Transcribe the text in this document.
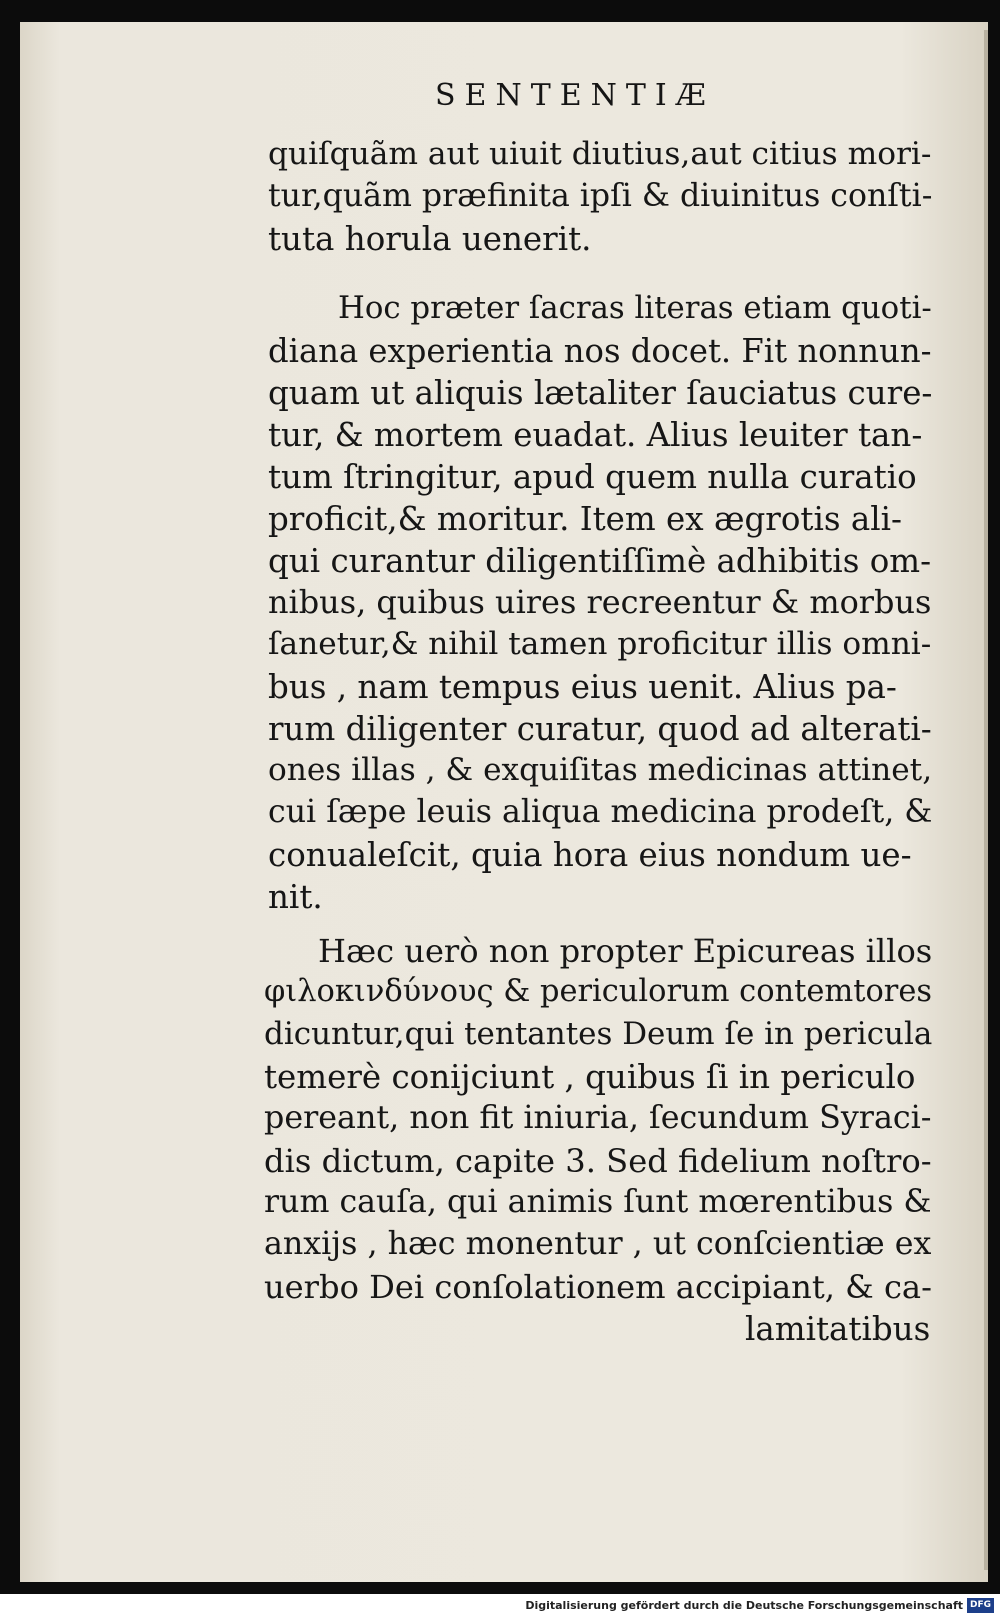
SENTENTIÆ
quiſquãm aut uiuit diutius,aut citius mori-
tur,quãm præfinita ipſi & diuinitus conſti-
tuta horula uenerit.
Hoc præter ſacras literas etiam quoti-
diana experientia nos docet. Fit nonnun-
quam ut aliquis lætaliter ſauciatus cure-
tur, & mortem euadat. Alius leuiter tan-
tum ſtringitur, apud quem nulla curatio
proficit,& moritur. Item ex ægrotis ali-
qui curantur diligentiſſimè adhibitis om-
nibus, quibus uires recreentur & morbus
ſanetur,& nihil tamen proficitur illis omni-
bus , nam tempus eius uenit. Alius pa-
rum diligenter curatur, quod ad alterati-
ones illas , & exquiſitas medicinas attinet,
cui ſæpe leuis aliqua medicina prodeſt, &
conualeſcit, quia hora eius nondum ue-
nit.
Hæc uerò non propter Epicureas illos
φιλοκινδύνους & periculorum contemtores
dicuntur,qui tentantes Deum ſe in pericula
temerè conijciunt , quibus ſi in periculo
pereant, non fit iniuria, ſecundum Syraci-
dis dictum, capite 3. Sed fidelium noſtro-
rum cauſa, qui animis ſunt mœrentibus &
anxijs , hæc monentur , ut conſcientiæ ex
uerbo Dei conſolationem accipiant, & ca-
lamitatibus
Digitalisierung gefördert durch die Deutsche Forschungsgemeinschaft DFG
